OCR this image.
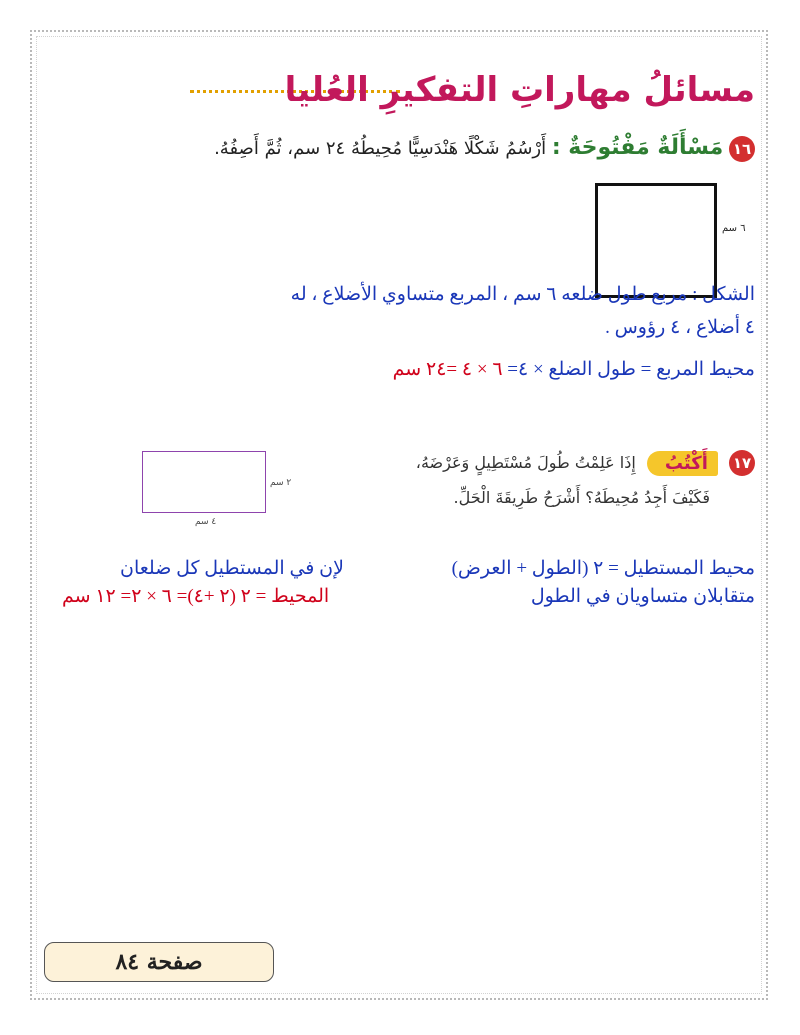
مسائلُ مهاراتِ التفكيرِ العُليا
١٦ مَسْأَلَةٌ مَفْتُوحَةٌ : أَرْسُمُ شَكْلًا هَنْدَسِيًّا مُحِيطُهُ ٢٤ سم، ثُمَّ أَصِفُهُ.
٦ سم
الشكل : مربع طول ضلعه ٦ سم ، المربع متساوي الأضلاع ، له
٤ أضلاع ، ٤ رؤوس .
محيط المربع = طول الضلع × ٤= ٦ × ٤ =٢٤ سم
٢ سم
٤ سم
١٧ أَكْتُبُ إِذَا عَلِمْتُ طُولَ مُسْتَطِيلٍ وَعَرْضَهُ،
فَكَيْفَ أَجِدُ مُحِيطَهُ؟ أَشْرَحُ طَرِيقَةَ الْحَلِّ.
محيط المستطيل = ٢ (الطول + العرض)
لإن في المستطيل كل ضلعان
متقابلان متساويان في الطول
المحيط = ٢ (٢ +٤)= ٦ × ٢= ١٢ سم
صفحة ٨٤
